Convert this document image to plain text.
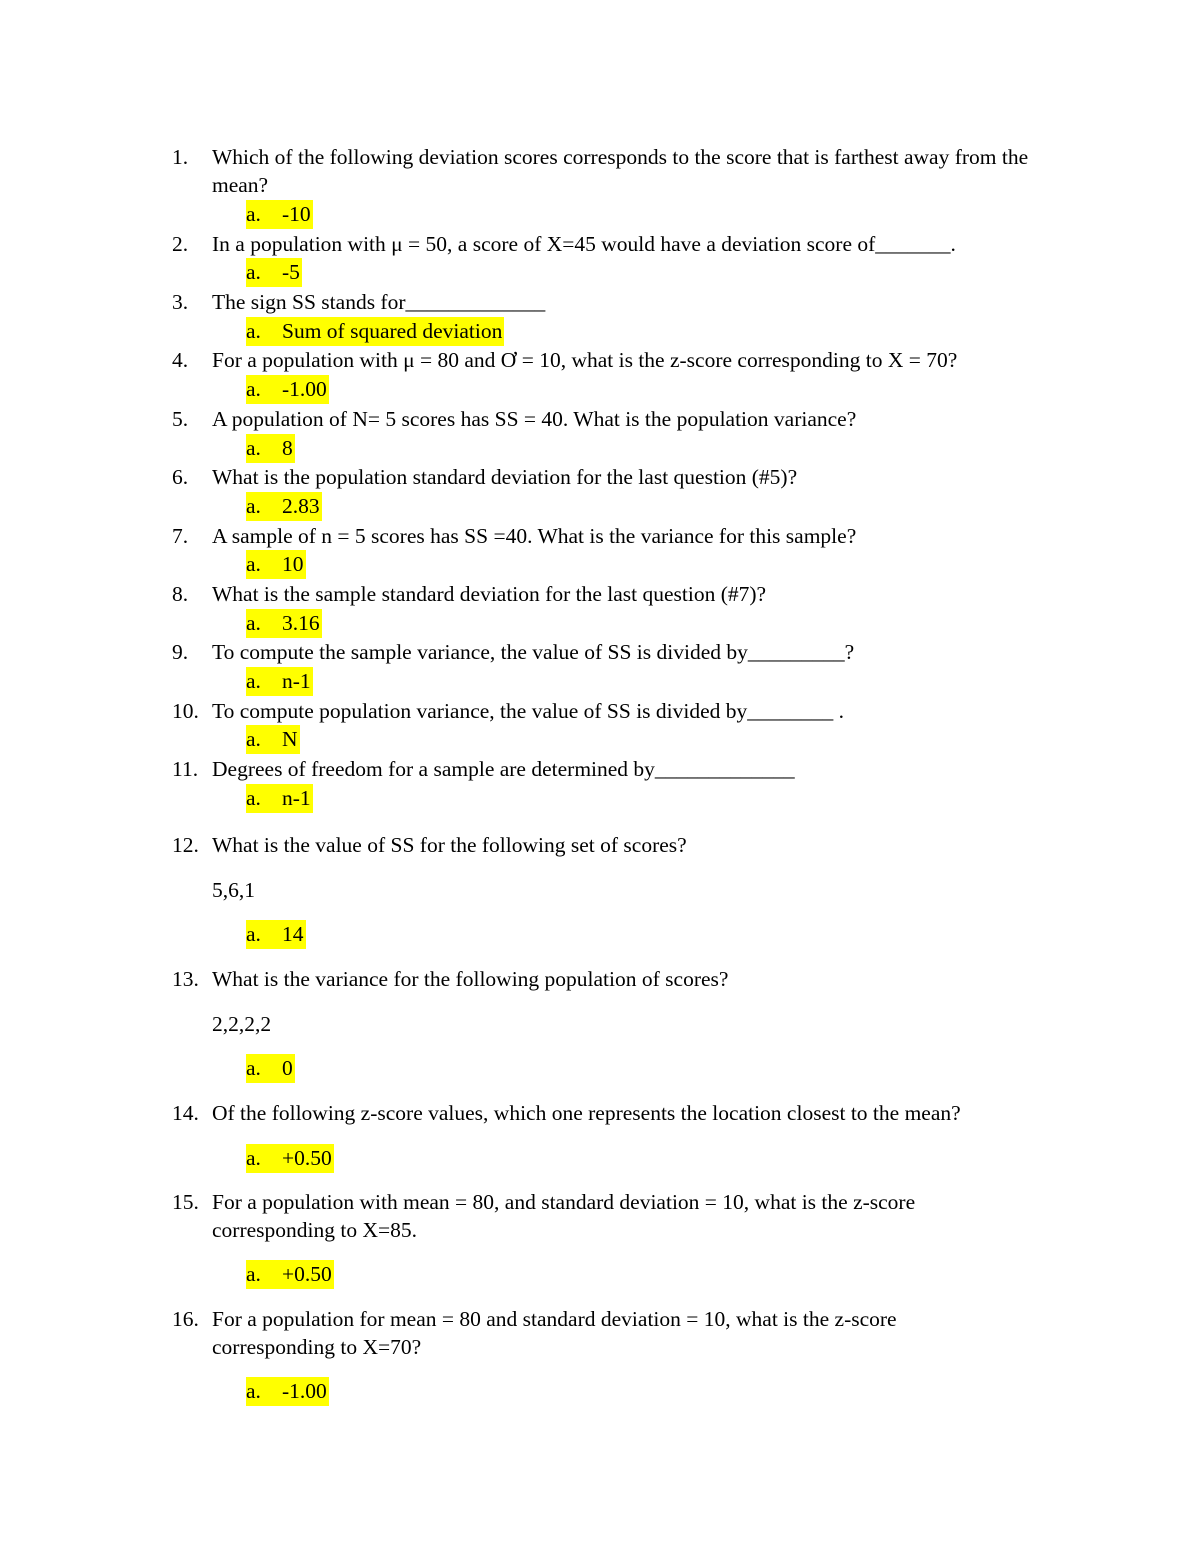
1.	Which of the following deviation scores corresponds to the score that is farthest away from the mean?
a. -10
2.	In a population with μ = 50, a score of X=45 would have a deviation score of_______.
a. -5
3.	The sign SS stands for_____________
a. Sum of squared deviation
4.	For a population with μ = 80 and Ơ = 10, what is the z-score corresponding to X = 70?
a. -1.00
5.	A population of N= 5 scores has SS = 40. What is the population variance?
a. 8
6.	What is the population standard deviation for the last question (#5)?
a. 2.83
7.	A sample of n = 5 scores has SS =40. What is the variance for this sample?
a. 10
8.	What is the sample standard deviation for the last question (#7)?
a. 3.16
9.	To compute the sample variance, the value of SS is divided by_________?
a. n-1
10. To compute population variance, the value of SS is divided by________ .
a. N
11. Degrees of freedom for a sample are determined by_____________
a. n-1
12. What is the value of SS for the following set of scores?
5,6,1
a. 14
13. What is the variance for the following population of scores?
2,2,2,2
a. 0
14. Of the following z-score values, which one represents the location closest to the mean?
a. +0.50
15. For a population with mean = 80, and standard deviation = 10, what is the z-score corresponding to X=85.
a. +0.50
16. For a population for mean = 80 and standard deviation = 10, what is the z-score corresponding to X=70?
a. -1.00
